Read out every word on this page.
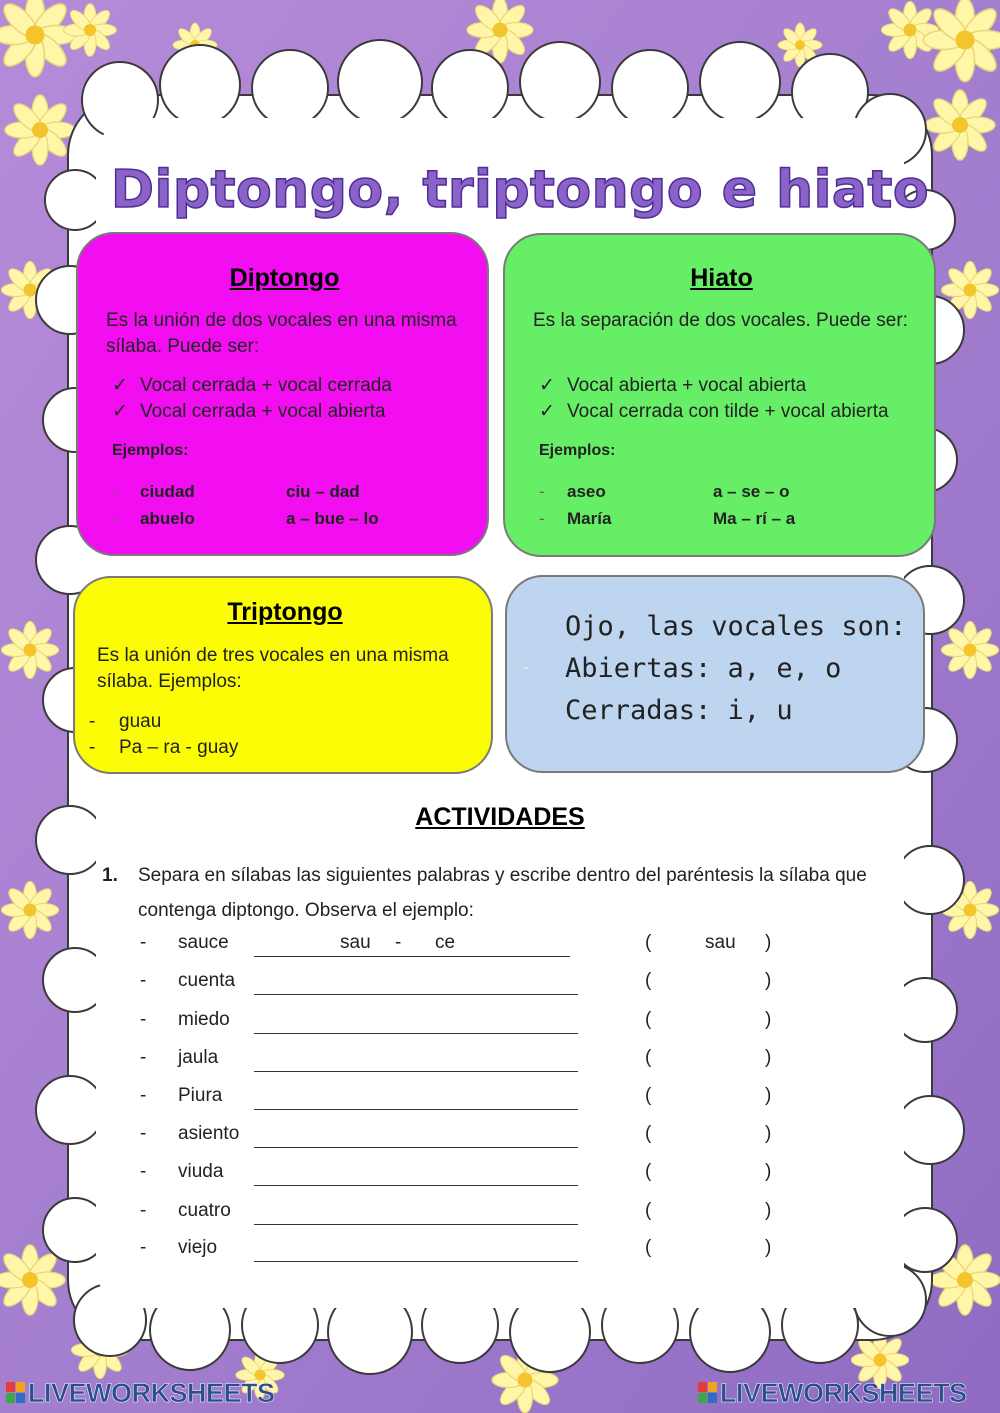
Diptongo, triptongo e hiato
Diptongo

Es la unión de dos vocales en una misma sílaba. Puede ser:

✓ Vocal cerrada + vocal cerrada
✓ Vocal cerrada + vocal abierta
Ejemplos:
- ciudad	ciu – dad
- abuelo	a – bue – lo
Hiato

Es la separación de dos vocales. Puede ser:

✓ Vocal abierta + vocal abierta
✓ Vocal cerrada con tilde + vocal abierta
Ejemplos:
- aseo	a – se – o
- María	Ma – rí – a
Triptongo

Es la unión de tres vocales en una misma sílaba. Ejemplos:

- guau
- Pa – ra - guay
-
Ojo, las vocales son:
Abiertas: a, e, o
Cerradas: i, u
ACTIVIDADES
1. Separa en sílabas las siguientes palabras y escribe dentro del paréntesis la sílaba que contenga diptongo. Observa el ejemplo:
- sauce	sau - ce	(	sau )
- cuenta	(	)
- miedo	(	)
- jaula	(	)
- Piura	(	)
- asiento	(	)
- viuda	(	)
- cuatro	(	)
- viejo	(	)
LIVEWORKSHEETS	LIVEWORKSHEETS
